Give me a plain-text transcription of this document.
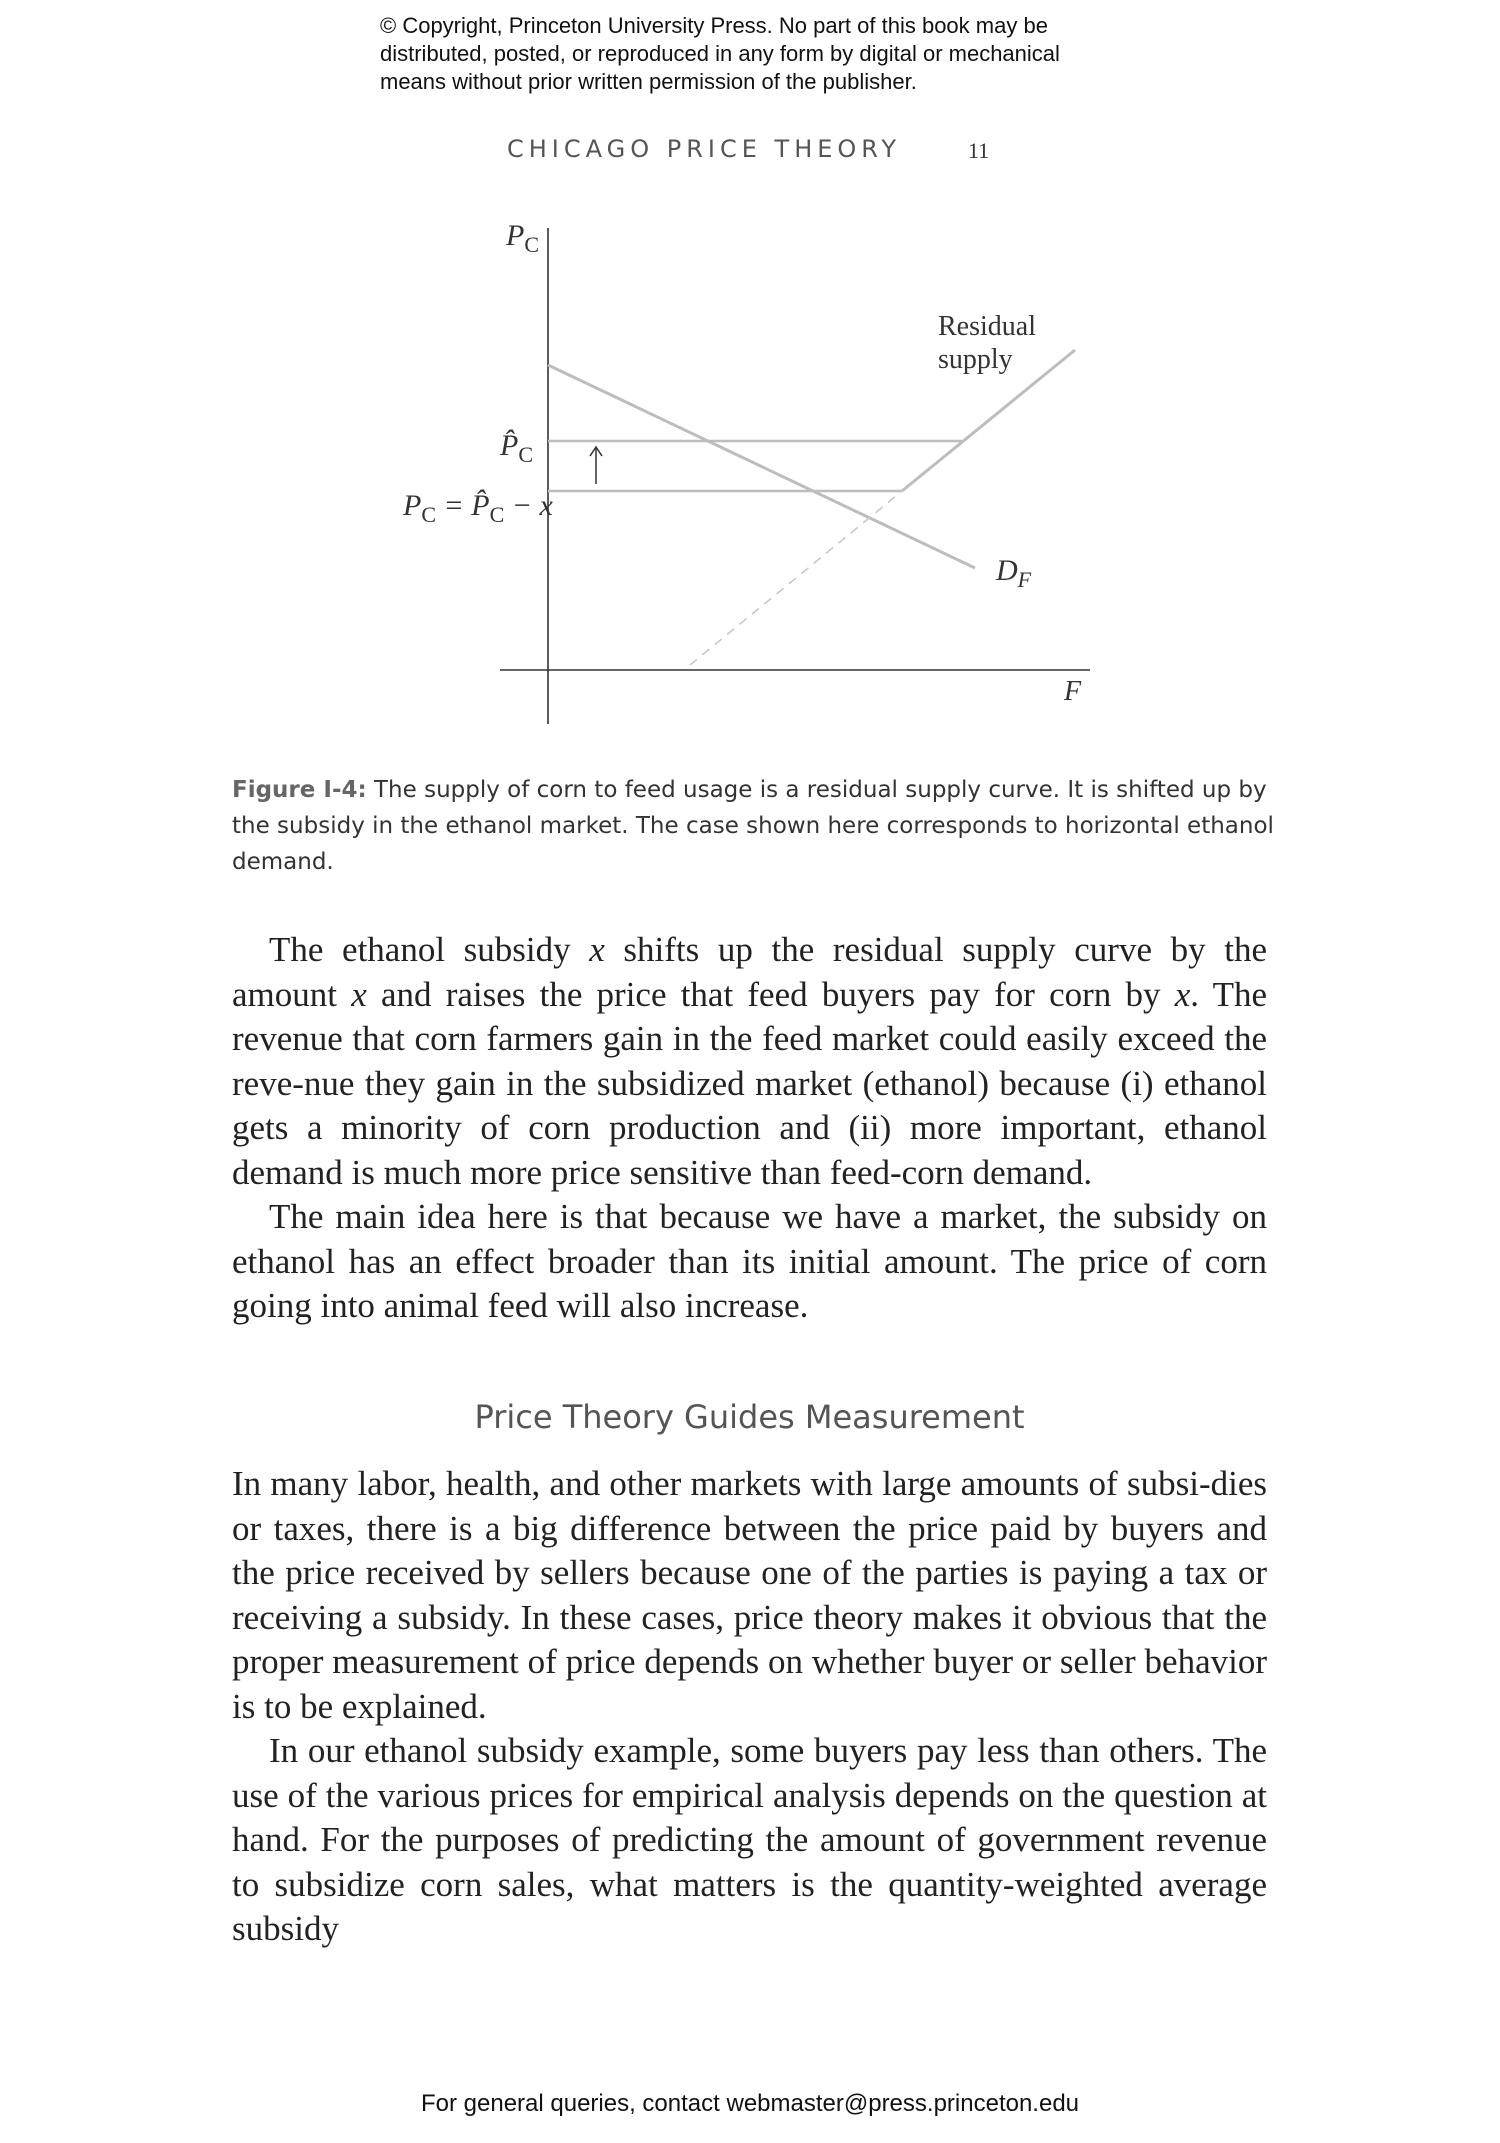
© Copyright, Princeton University Press. No part of this book may be
distributed, posted, or reproduced in any form by digital or mechanical
means without prior written permission of the publisher.
CHICAGO PRICE THEORY	11
$P_C$
$P̂_C$
$P_C$ = $P̂_C - x$
Residual
supply
$D_F$
F
Figure I-4: The supply of corn to feed usage is a residual supply curve. It is shifted up by the subsidy in the ethanol market. The case shown here corresponds to horizontal ethanol demand.

The ethanol subsidy x shifts up the residual supply curve by the amount x and raises the price that feed buyers pay for corn by x. The revenue that corn farmers gain in the feed market could easily exceed the reve-nue they gain in the subsidized market (ethanol) because (i) ethanol gets a minority of corn production and (ii) more important, ethanol demand is much more price sensitive than feed-corn demand.

The main idea here is that because we have a market, the subsidy on ethanol has an effect broader than its initial amount. The price of corn going into animal feed will also increase.

Price Theory Guides Measurement

In many labor, health, and other markets with large amounts of subsi-dies or taxes, there is a big difference between the price paid by buyers and the price received by sellers because one of the parties is paying a tax or receiving a subsidy. In these cases, price theory makes it obvious that the proper measurement of price depends on whether buyer or seller behavior is to be explained.

In our ethanol subsidy example, some buyers pay less than others. The use of the various prices for empirical analysis depends on the question at hand. For the purposes of predicting the amount of government revenue to subsidize corn sales, what matters is the quantity-weighted average subsidy

For general queries, contact webmaster@press.princeton.edu
